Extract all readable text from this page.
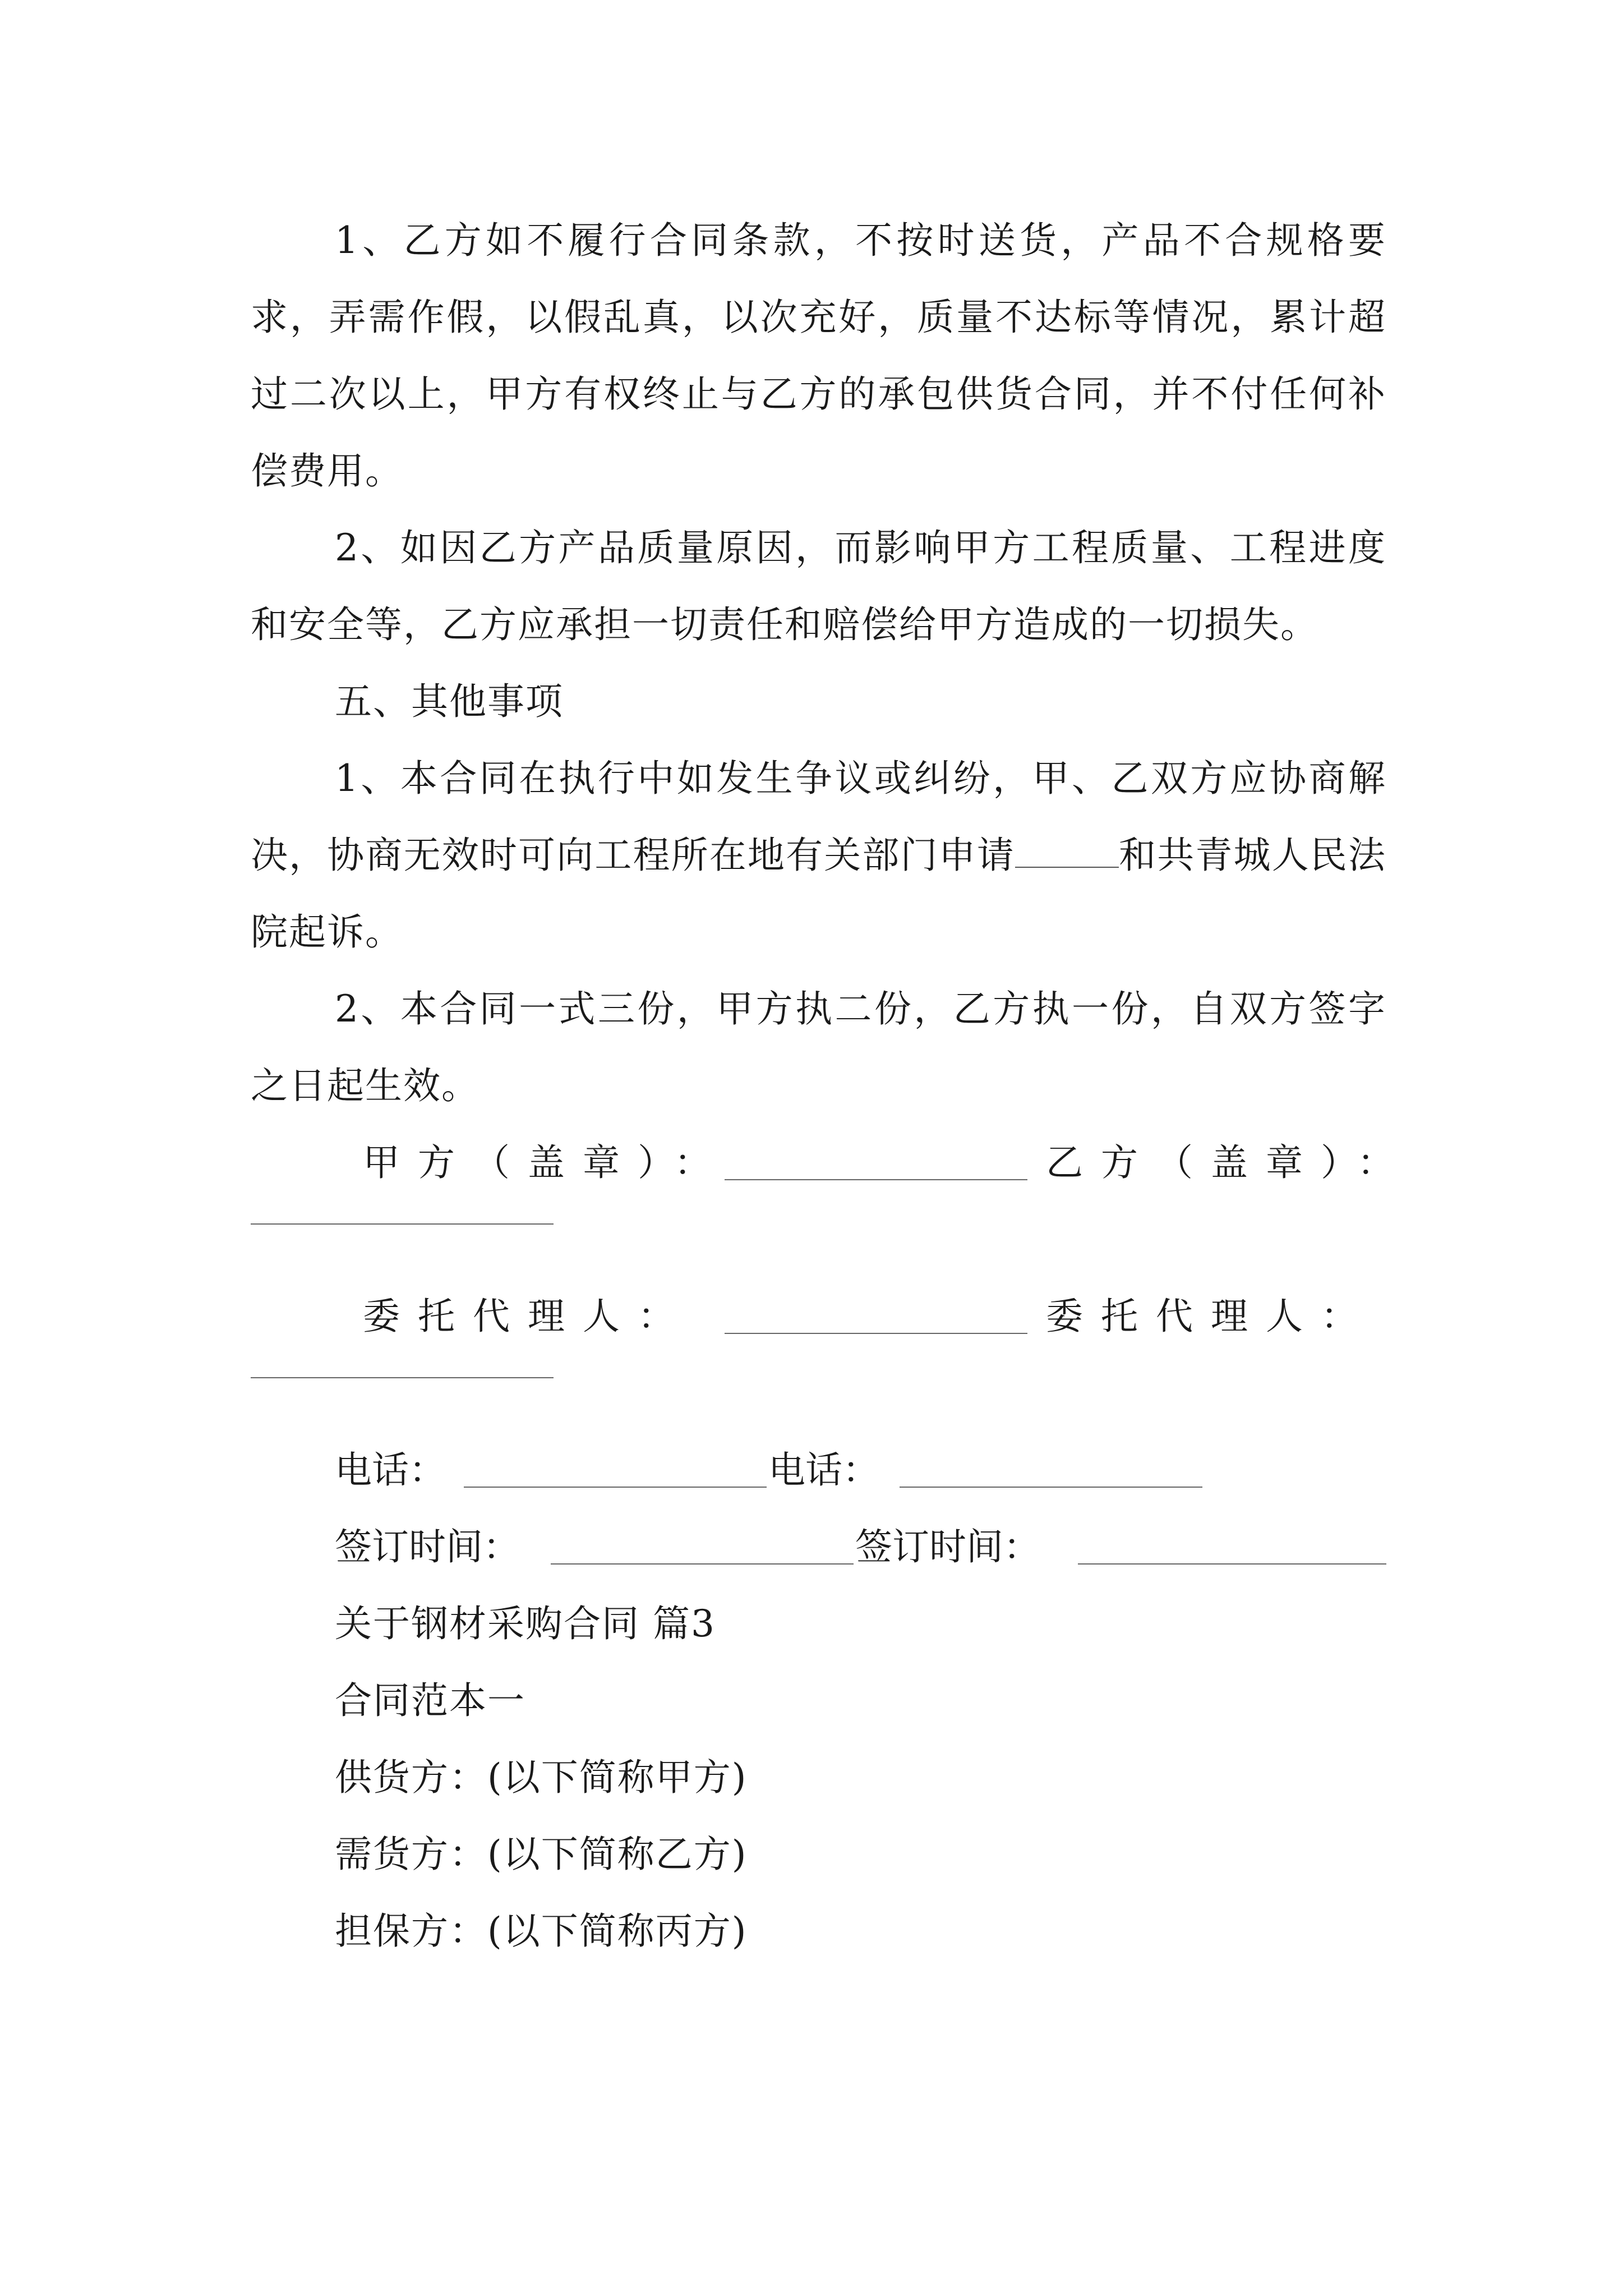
1、乙方如不履行合同条款，不按时送货，产品不合规格要求，弄需作假，以假乱真，以次充好，质量不达标等情况，累计超过二次以上，甲方有权终止与乙方的承包供货合同，并不付任何补偿费用。

2、如因乙方产品质量原因，而影响甲方工程质量、工程进度和安全等，乙方应承担一切责任和赔偿给甲方造成的一切损失。

五、其他事项

1、本合同在执行中如发生争议或纠纷，甲、乙双方应协商解决，协商无效时可向工程所在地有关部门申请	和共青城人民法院起诉。

2、本合同一式三份，甲方执二份，乙方执一份，自双方签字之日起生效。

甲方（盖章）：	乙方（盖章）：
委托代理人：	委托代理人：
电话：	电话：
签订时间：	签订时间：

关于钢材采购合同 篇3

合同范本一

供货方：(以下简称甲方)

需货方：(以下简称乙方)

担保方：(以下简称丙方)
